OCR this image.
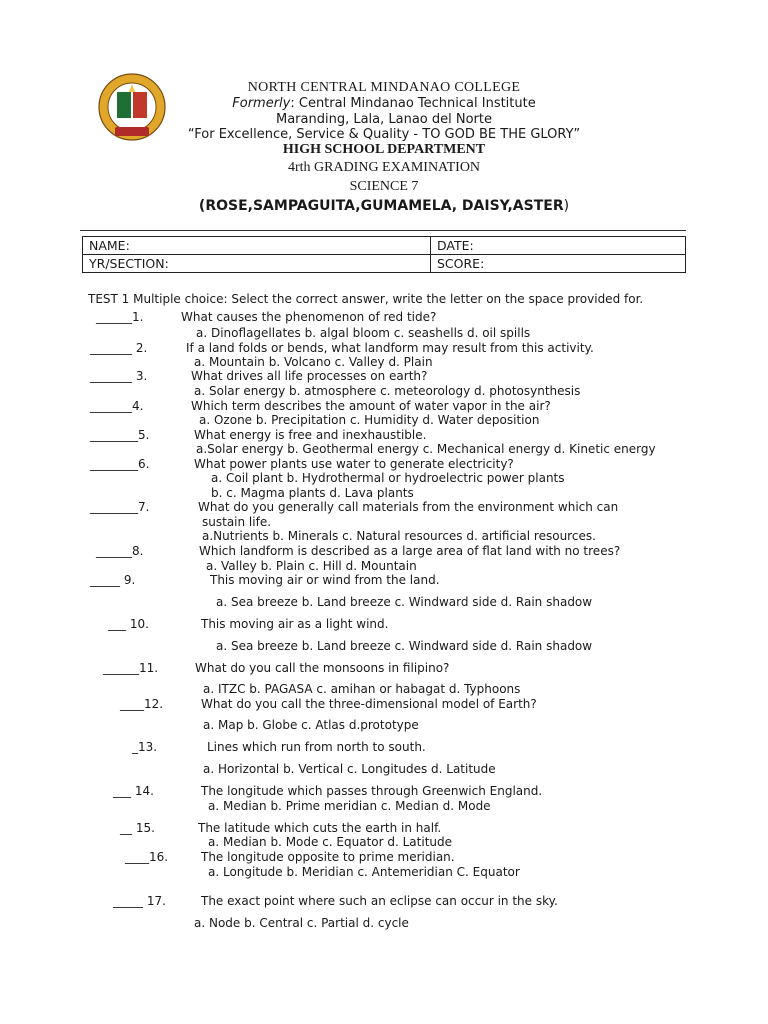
NORTH CENTRAL MINDANAO COLLEGE
Formerly: Central Mindanao Technical Institute
Maranding, Lala, Lanao del Norte
“For Excellence, Service & Quality - TO GOD BE THE GLORY”
HIGH SCHOOL DEPARTMENT
4rth GRADING EXAMINATION
SCIENCE 7
(ROSE,SAMPAGUITA,GUMAMELA, DAISY,ASTER)
NAME:	DATE:
YR/SECTION:	SCORE:
TEST 1 Multiple choice: Select the correct answer, write the letter on the space provided for.
______1.	What causes the phenomenon of red tide?
a. Dinoflagellates b. algal bloom c. seashells d. oil spills
_______ 2.	If a land folds or bends, what landform may result from this activity.
a. Mountain b. Volcano c. Valley d. Plain
_______ 3.	What drives all life processes on earth?
a. Solar energy b. atmosphere c. meteorology d. photosynthesis
_______4.	Which term describes the amount of water vapor in the air?
a. Ozone b. Precipitation c. Humidity d. Water deposition
________5.	What energy is free and inexhaustible.
a.Solar energy b. Geothermal energy c. Mechanical energy d. Kinetic energy
________6.	What power plants use water to generate electricity?
a. Coil plant b. Hydrothermal or hydroelectric power plants
b. c. Magma plants d. Lava plants
________7.	What do you generally call materials from the environment which can
sustain life.
a.Nutrients b. Minerals c. Natural resources d. artificial resources.
______8.	Which landform is described as a large area of flat land with no trees?
a. Valley b. Plain c. Hill d. Mountain
_____ 9.	This moving air or wind from the land.
a. Sea breeze b. Land breeze c. Windward side d. Rain shadow
___ 10.	This moving air as a light wind.
a. Sea breeze b. Land breeze c. Windward side d. Rain shadow
______11.	What do you call the monsoons in filipino?
a. ITZC b. PAGASA c. amihan or habagat d. Typhoons
____12.	What do you call the three-dimensional model of Earth?
a. Map b. Globe c. Atlas d.prototype
_13.	Lines which run from north to south.
a. Horizontal b. Vertical c. Longitudes d. Latitude
___ 14.	The longitude which passes through Greenwich England.
a. Median b. Prime meridian c. Median d. Mode
__ 15.	The latitude which cuts the earth in half.
a. Median b. Mode c. Equator d. Latitude
____16.	The longitude opposite to prime meridian.
a. Longitude b. Meridian c. Antemeridian C. Equator
_____ 17.	The exact point where such an eclipse can occur in the sky.
a. Node b. Central c. Partial d. cycle
